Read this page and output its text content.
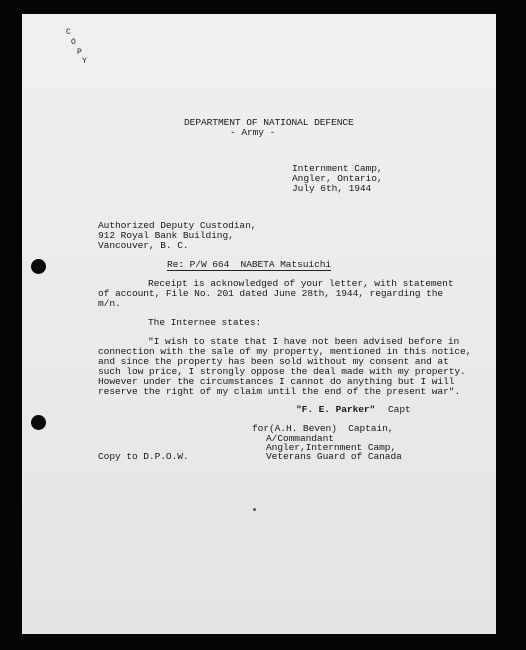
C
O
P
Y
DEPARTMENT OF NATIONAL DEFENCE
- Army -
Internment Camp,
Angler, Ontario,
July 6th, 1944
Authorized Deputy Custodian,
912 Royal Bank Building,
Vancouver, B. C.
Re: P/W 664  NABETA Matsuichi
Receipt is acknowledged of your letter, with statement
of account, File No. 201 dated June 28th, 1944, regarding the
m/n.
The Internee states:
"I wish to state that I have not been advised before in
connection with the sale of my property, mentioned in this notice,
and since the property has been sold without my consent and at
such low price, I strongly oppose the deal made with my property.
However under the circumstances I cannot do anything but I will
reserve the right of my claim until the end of the present war".
"F. E. Parker" Capt
for(A.H. Beven)  Captain,
A/Commandant
Angler,Internment Camp,
Veterans Guard of Canada
Copy to D.P.O.W.
